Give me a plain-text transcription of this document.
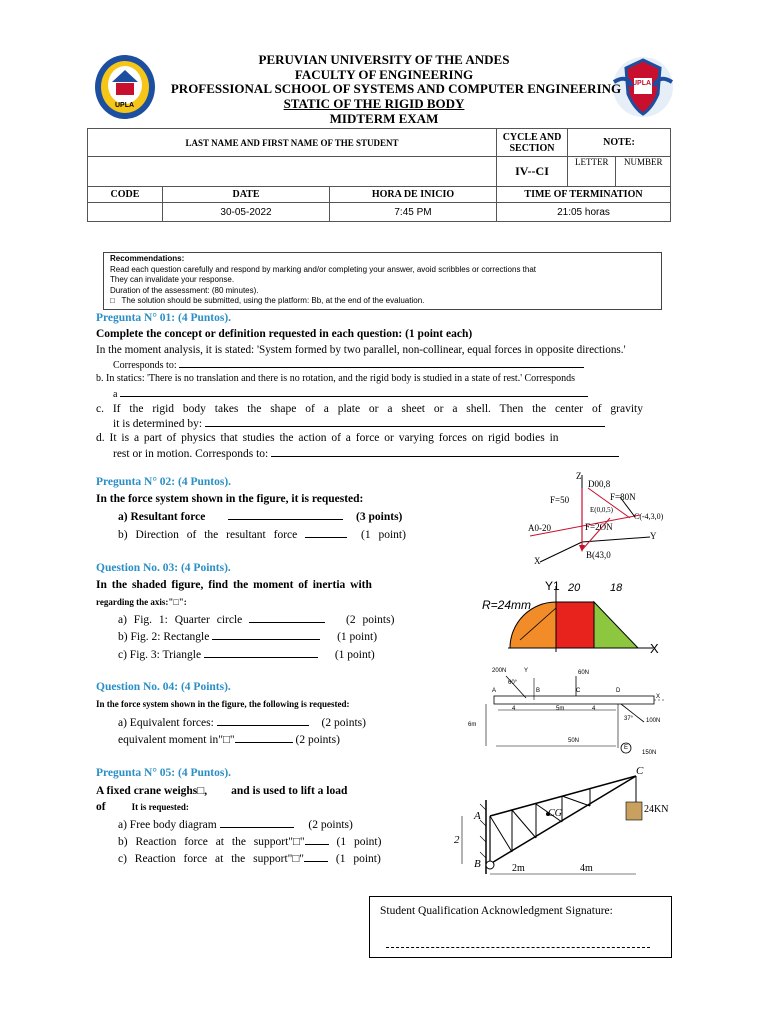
UPLA
UPLA
PERUVIAN UNIVERSITY OF THE ANDES
FACULTY OF ENGINEERING
PROFESSIONAL SCHOOL OF SYSTEMS AND COMPUTER ENGINEERING
STATIC OF THE RIGID BODY
MIDTERM EXAM
LAST NAME AND FIRST NAME OF THE STUDENT			CYCLE AND SECTION	NOTE:	
			IV--CI	LETTER	NUMBER
CODE	DATE	HORA DE INICIO	TIME OF TERMINATION		
	30-05-2022	7:45 PM	21:05 horas		
Recommendations:
Read each question carefully and respond by marking and/or completing your answer, avoid scribbles or corrections that
They can invalidate your response.
Duration of the assessment: (80 minutes).
□   The solution should be submitted, using the platform: Bb, at the end of the evaluation.
Pregunta N° 01: (4 Puntos).
Complete the concept or definition requested in each question: (1 point each)
In the moment analysis, it is stated: 'System formed by two parallel, non-collinear, equal forces in opposite directions.'
Corresponds to:
b. In statics: 'There is no translation and there is no rotation, and the rigid body is studied in a state of rest.' Corresponds
a
c. If the rigid body takes the shape of a plate or a sheet or a shell. Then the center of gravity
it is determined by:
d. It is a part of physics that studies the action of a force or varying forces on rigid bodies in
rest or in motion. Corresponds to:
Pregunta N° 02: (4 Puntos).
In the force system shown in the figure, it is requested:
a) Resultant force	(3 points)
b) Direction of the resultant force	(1 point)
Z
D00,8
F=50	F=80N
E(0,0,5)
C(-4,3,0)
A0-20	F=2ON
Y
X
B(43,0
Question No. 03: (4 Points).
In the shaded figure, find the moment of inertia with
regarding the axis:"□":
a) Fig. 1: Quarter circle	(2 points)
b) Fig. 2: Rectangle	(1 point)
c) Fig. 3: Triangle	(1 point)
Y1
R=24mm
20	18
X
Question No. 04: (4 Points).
In the force system shown in the figure, the following is requested:
a) Equivalent forces:	(2 points)
equivalent moment in"□"	(2 points)
200N	Y	60N
60°
A	B	C	D
X
4	5m	4
37° 100N
6m
50N
E
150N
Pregunta N° 05: (4 Puntos).
A fixed crane weighs□, and is used to lift a load
of	It is requested:
a) Free body diagram	(2 points)
b) Reaction force at the support"□"	(1 point)
c) Reaction force at the support"□"	(1 point)
C
CG	24KN
A
2
B	2m	4m
Student Qualification Acknowledgment Signature:
